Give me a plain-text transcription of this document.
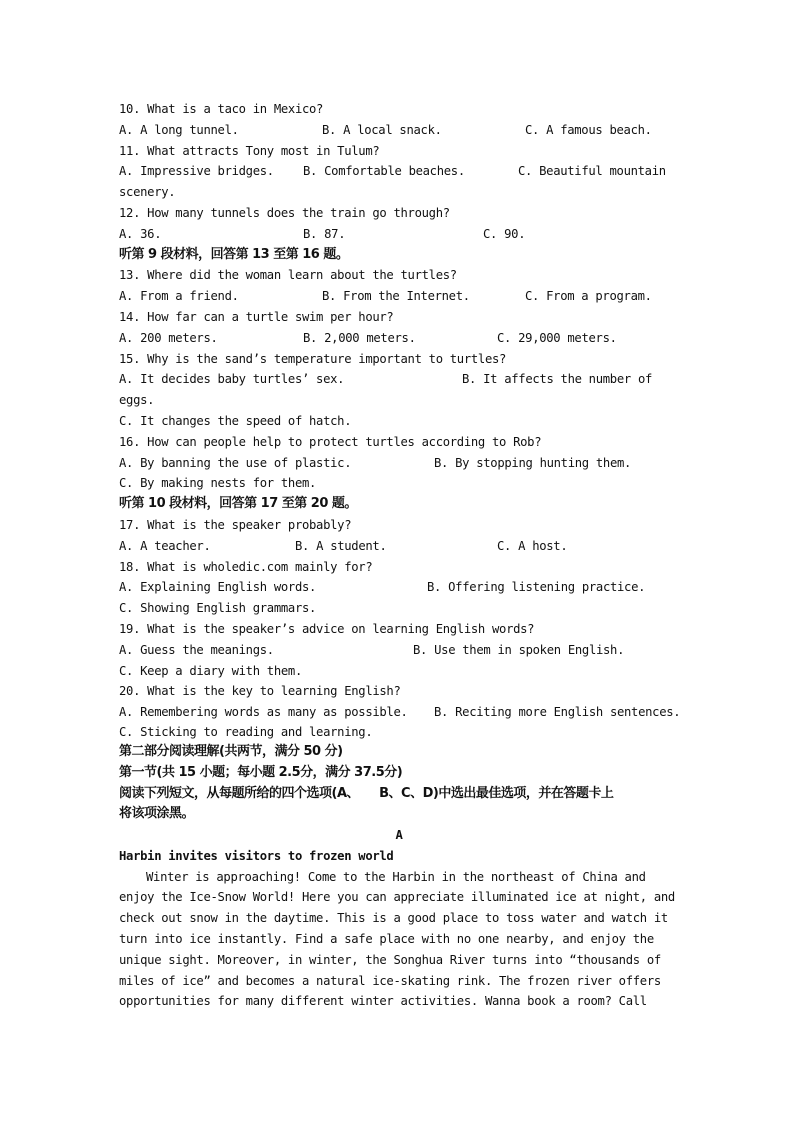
10. What is a taco in Mexico?

A. A long tunnel.

	B. A local snack.

	C. A famous beach.

11. What attracts Tony most in Tulum?

A. Impressive bridges.

B. Comfortable beaches.

	C. Beautiful mountain

scenery.
12. How many tunnels does the train go through?

A. 36.

	B. 87.

	C. 90.

听第 9 段材料，回答第 13 至第 16 题。
13. Where did the woman learn about the turtles?

A. From a friend.

	B. From the Internet.

	C. From a program.

14. How far can a turtle swim per hour?

A. 200 meters.

	B. 2,000 meters.

	C. 29,000 meters.

15. Why is the sand’s temperature important to turtles?

A. It decides baby turtles’ sex.

	B. It affects the number of

eggs.
C. It changes the speed of hatch.
16. How can people help to protect turtles according to Rob?

A. By banning the use of plastic.

	B. By stopping hunting them.

C. By making nests for them.
听第 10 段材料，回答第 17 至第 20 题。
17. What is the speaker probably?

A. A teacher.

	B. A student.

	C. A host.

18. What is wholedic.com mainly for?

A. Explaining English words.

	B. Offering listening practice.

C. Showing English grammars.
19. What is the speaker’s advice on learning English words?

A. Guess the meanings.

	B. Use them in spoken English.

C. Keep a diary with them.
20. What is the key to learning English?

A. Remembering words as many as possible.

B. Reciting more English sentences.

C. Sticking to reading and learning.
第二部分阅读理解(共两节，满分 50 分)
第一节(共 15 小题；每小题 2.5分，满分 37.5分)
阅读下列短文，从每题所给的四个选项(A、     B、C、D)中选出最佳选项，并在答题卡上
将该项涂黑。
A
Harbin invites visitors to frozen world
Winter is approaching! Come to the Harbin in the northeast of China and
enjoy the Ice-Snow World! Here you can appreciate illuminated ice at night, and
check out snow in the daytime. This is a good place to toss water and watch it
turn into ice instantly. Find a safe place with no one nearby, and enjoy the
unique sight. Moreover, in winter, the Songhua River turns into “thousands of
miles of ice” and becomes a natural ice-skating rink. The frozen river offers
opportunities for many different winter activities. Wanna book a room? Call
